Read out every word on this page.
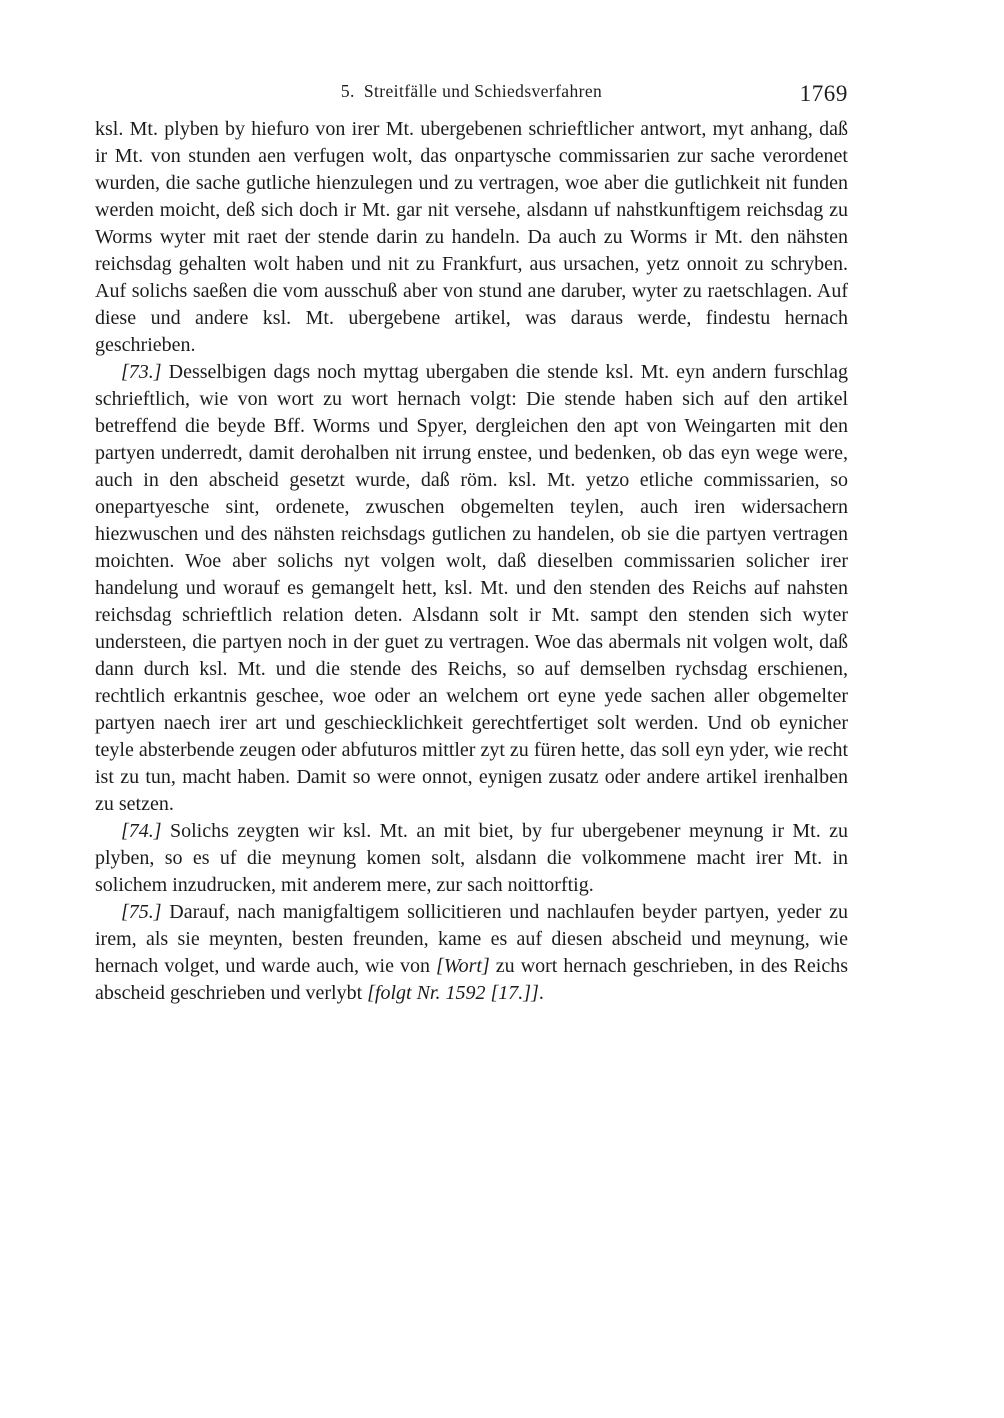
5. Streitfälle und Schiedsverfahren	1769

ksl. Mt. plyben by hiefuro von irer Mt. ubergebenen schrieftlicher antwort, myt anhang, daß ir Mt. von stunden aen verfugen wolt, das onpartysche commissarien zur sache verordenet wurden, die sache gutliche hienzulegen und zu vertragen, woe aber die gutlichkeit nit funden werden moicht, deß sich doch ir Mt. gar nit versehe, alsdann uf nahstkunftigem reichsdag zu Worms wyter mit raet der stende darin zu handeln. Da auch zu Worms ir Mt. den nähsten reichsdag gehalten wolt haben und nit zu Frankfurt, aus ursachen, yetz onnoit zu schryben. Auf solichs saeßen die vom ausschuß aber von stund ane daruber, wyter zu raetschlagen. Auf diese und andere ksl. Mt. ubergebene artikel, was daraus werde, findestu hernach geschrieben.

[73.] Desselbigen dags noch myttag ubergaben die stende ksl. Mt. eyn andern furschlag schrieftlich, wie von wort zu wort hernach volgt: Die stende haben sich auf den artikel betreffend die beyde Bff. Worms und Spyer, dergleichen den apt von Weingarten mit den partyen underredt, damit derohalben nit irrung enstee, und bedenken, ob das eyn wege were, auch in den abscheid gesetzt wurde, daß röm. ksl. Mt. yetzo etliche commissarien, so onepartyesche sint, ordenete, zwuschen obgemelten teylen, auch iren widersachern hiezwuschen und des nähsten reichsdags gutlichen zu handelen, ob sie die partyen vertragen moichten. Woe aber solichs nyt volgen wolt, daß dieselben commissarien solicher irer handelung und worauf es gemangelt hett, ksl. Mt. und den stenden des Reichs auf nahsten reichsdag schrieftlich relation deten. Alsdann solt ir Mt. sampt den stenden sich wyter understeen, die partyen noch in der guet zu vertragen. Woe das abermals nit volgen wolt, daß dann durch ksl. Mt. und die stende des Reichs, so auf demselben rychsdag erschienen, rechtlich erkantnis geschee, woe oder an welchem ort eyne yede sachen aller obgemelter partyen naech irer art und geschiecklichkeit gerechtfertiget solt werden. Und ob eynicher teyle absterbende zeugen oder abfuturos mittler zyt zu füren hette, das soll eyn yder, wie recht ist zu tun, macht haben. Damit so were onnot, eynigen zusatz oder andere artikel irenhalben zu setzen.

[74.] Solichs zeygten wir ksl. Mt. an mit biet, by fur ubergebener meynung ir Mt. zu plyben, so es uf die meynung komen solt, alsdann die volkommene macht irer Mt. in solichem inzudrucken, mit anderem mere, zur sach noittorftig.

[75.] Darauf, nach manigfaltigem sollicitieren und nachlaufen beyder partyen, yeder zu irem, als sie meynten, besten freunden, kame es auf diesen abscheid und meynung, wie hernach volget, und warde auch, wie von [Wort] zu wort hernach geschrieben, in des Reichs abscheid geschrieben und verlybt [folgt Nr. 1592 [17.]].
